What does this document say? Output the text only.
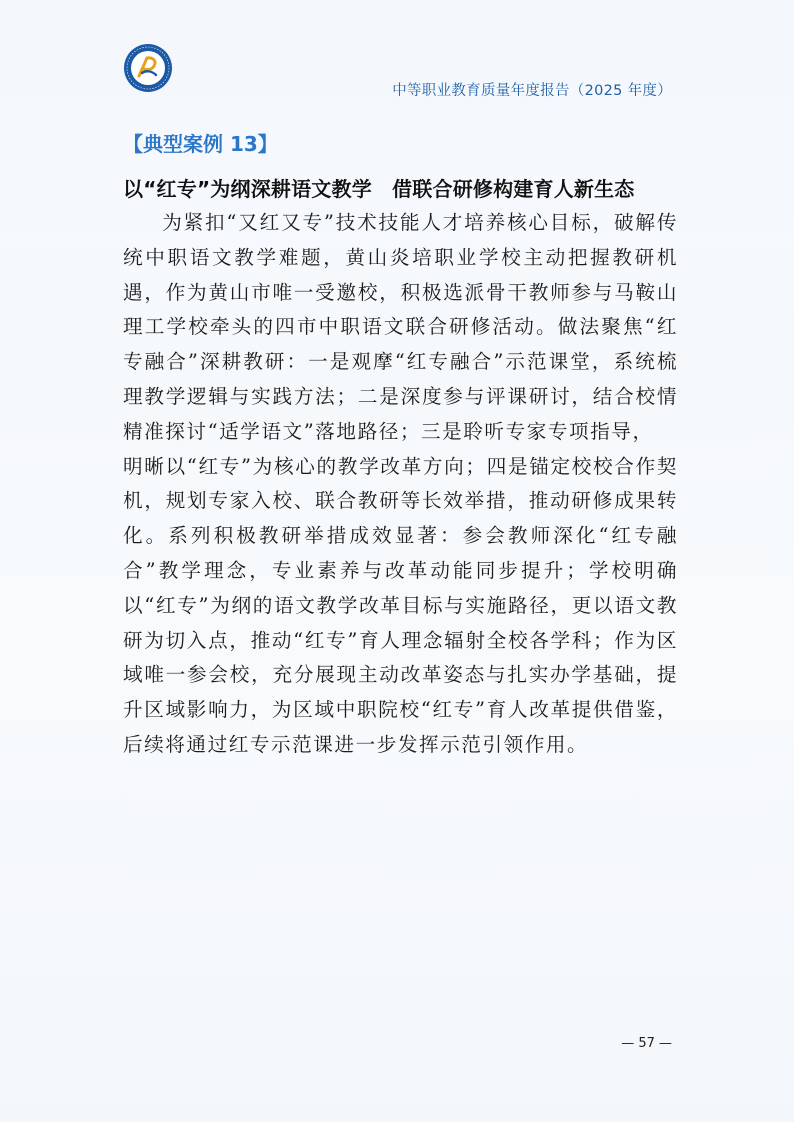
中等职业教育质量年度报告（2025 年度）
【典型案例 13】
以“红专”为纲深耕语文教学　借联合研修构建育人新生态

为紧扣“又红又专”技术技能人才培养核心目标，破解传统中职语文教学难题，黄山炎培职业学校主动把握教研机遇，作为黄山市唯一受邀校，积极选派骨干教师参与马鞍山理工学校牵头的四市中职语文联合研修活动。做法聚焦“红专融合”深耕教研：一是观摩“红专融合”示范课堂，系统梳理教学逻辑与实践方法；二是深度参与评课研讨，结合校情精准探讨“适学语文”落地路径；三是聆听专家专项指导，

明晰以“红专”为核心的教学改革方向；四是锚定校校合作契机，规划专家入校、联合教研等长效举措，推动研修成果转化。系列积极教研举措成效显著：参会教师深化“红专融合”教学理念，专业素养与改革动能同步提升；学校明确以“红专”为纲的语文教学改革目标与实施路径，更以语文教研为切入点，推动“红专”育人理念辐射全校各学科；作为区域唯一参会校，充分展现主动改革姿态与扎实办学基础，提升区域影响力，为区域中职院校“红专”育人改革提供借鉴，后续将通过红专示范课进一步发挥示范引领作用。

— 57 —
